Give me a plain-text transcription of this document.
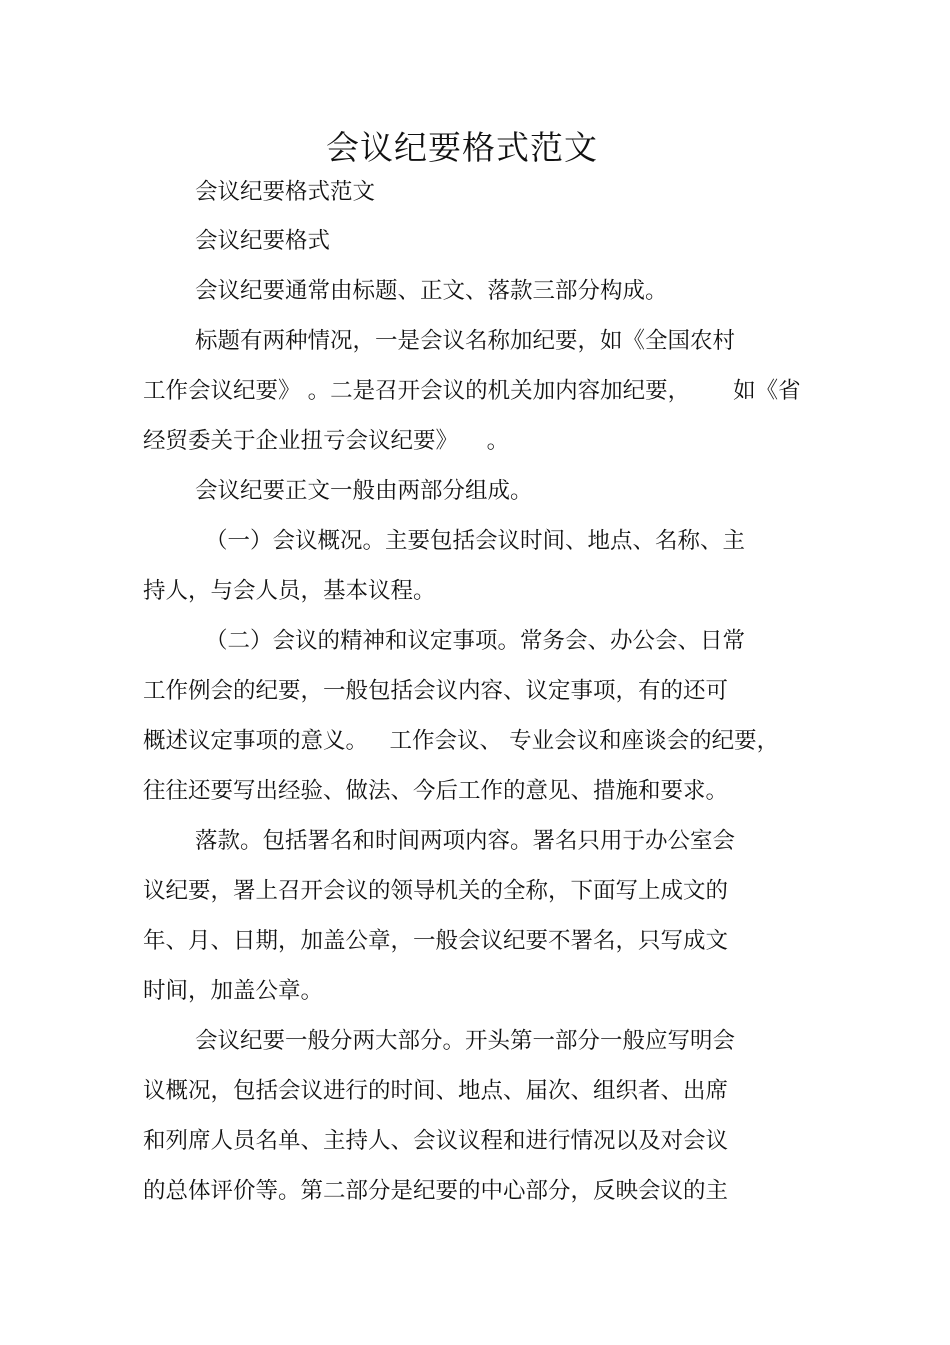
会议纪要格式范文
会议纪要格式范文
会议纪要格式
会议纪要通常由标题、正文、落款三部分构成。
标题有两种情况，一是会议名称加纪要，如《全国农村
工作会议纪要》 。二是召开会议的机关加内容加纪要，      如《省
经贸委关于企业扭亏会议纪要》    。
会议纪要正文一般由两部分组成。
（一）会议概况。主要包括会议时间、地点、名称、主
持人，与会人员，基本议程。
（二）会议的精神和议定事项。常务会、办公会、日常
工作例会的纪要，一般包括会议内容、议定事项，有的还可
概述议定事项的意义。   工作会议、 专业会议和座谈会的纪要，
往往还要写出经验、做法、今后工作的意见、措施和要求。
落款。包括署名和时间两项内容。署名只用于办公室会
议纪要，署上召开会议的领导机关的全称，下面写上成文的
年、月、日期，加盖公章，一般会议纪要不署名，只写成文
时间，加盖公章。
会议纪要一般分两大部分。开头第一部分一般应写明会
议概况，包括会议进行的时间、地点、届次、组织者、出席
和列席人员名单、主持人、会议议程和进行情况以及对会议
的总体评价等。第二部分是纪要的中心部分，反映会议的主
